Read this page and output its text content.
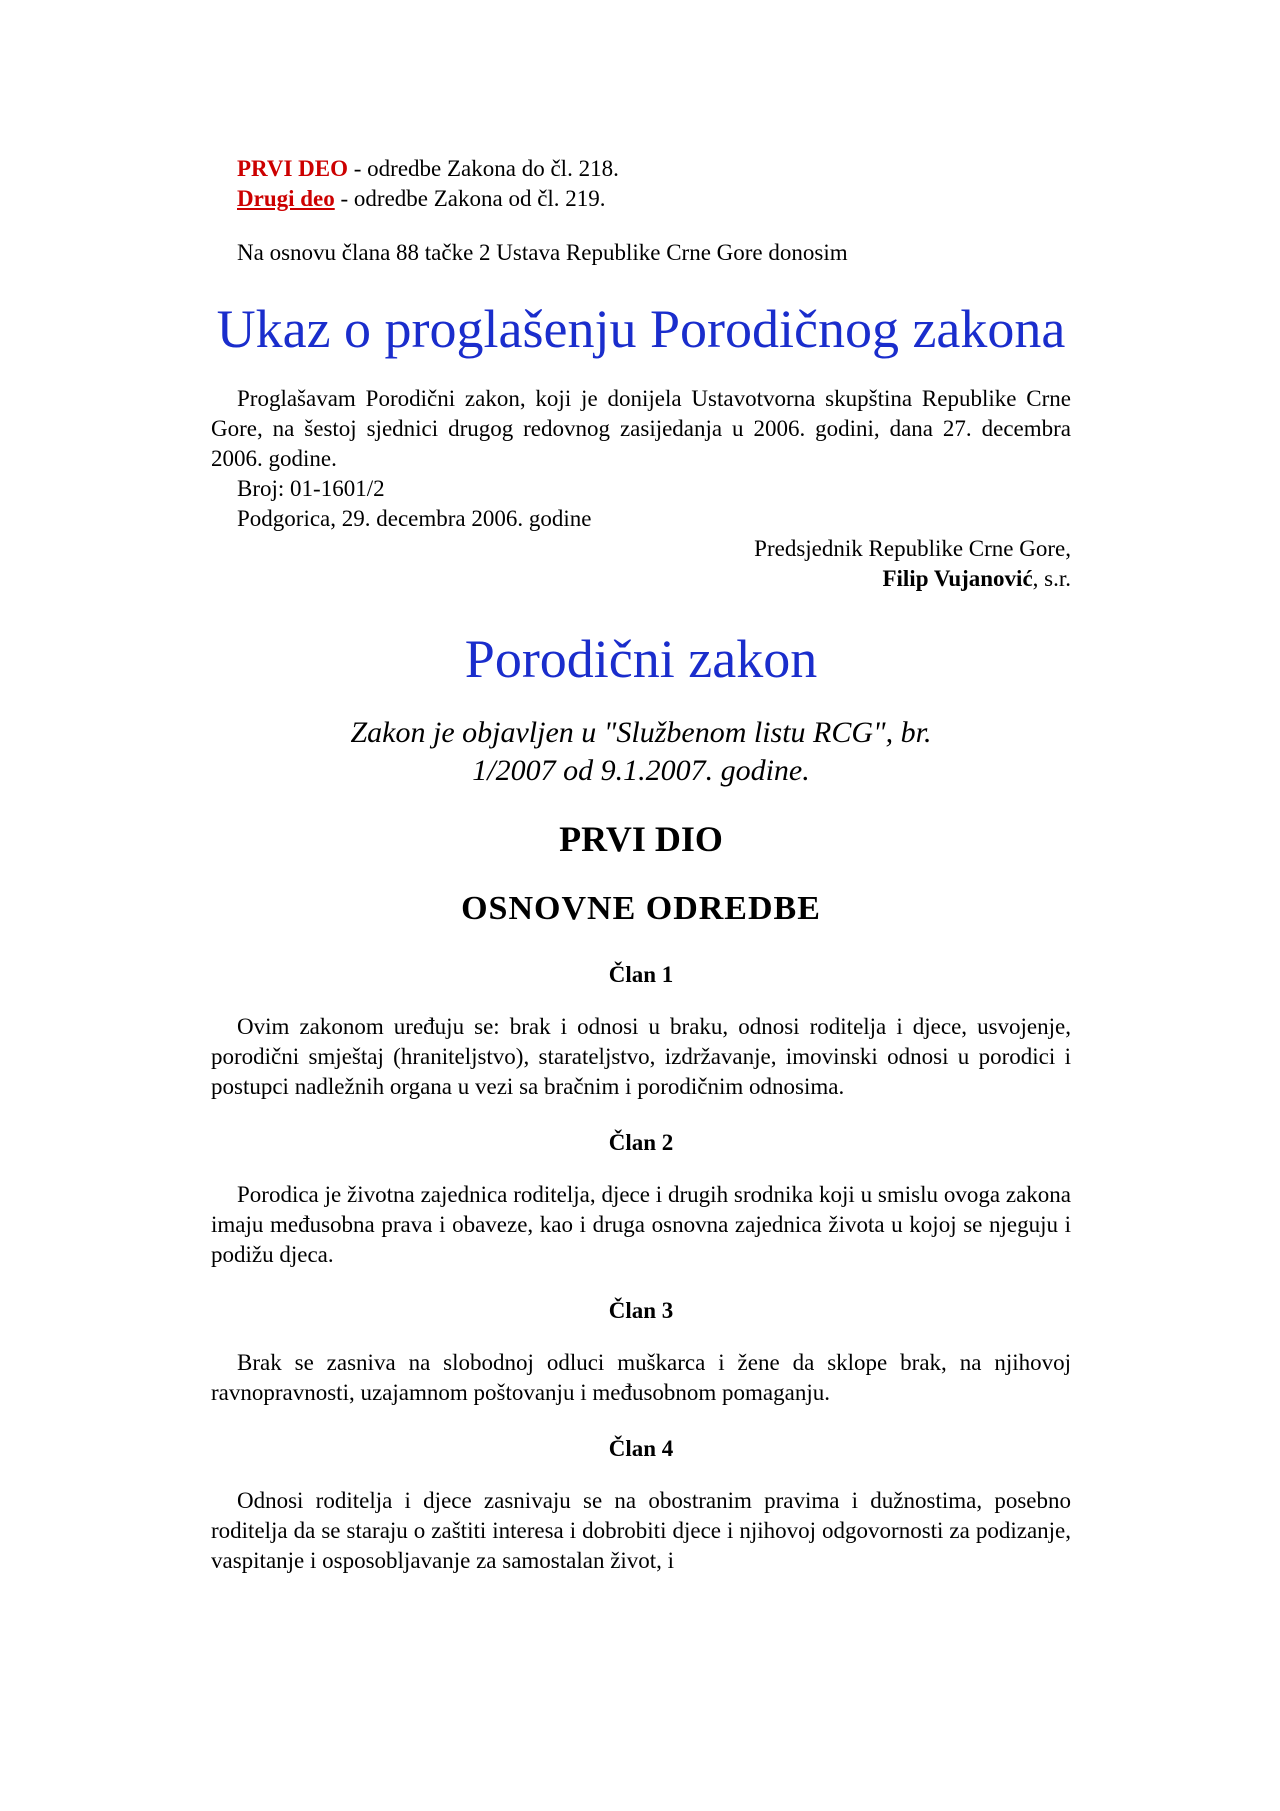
PRVI DEO - odredbe Zakona do čl. 218.

Drugi deo - odredbe Zakona od čl. 219.

Na osnovu člana 88 tačke 2 Ustava Republike Crne Gore donosim

Ukaz o proglašenju Porodičnog zakona

Proglašavam Porodični zakon, koji je donijela Ustavotvorna skupština Republike Crne Gore, na šestoj sjednici drugog redovnog zasijedanja u 2006. godini, dana 27. decembra 2006. godine.

Broj: 01-1601/2

Podgorica, 29. decembra 2006. godine

Predsjednik Republike Crne Gore,

Filip Vujanović, s.r.

Porodični zakon

Zakon je objavljen u "Službenom listu RCG", br.

1/2007 od 9.1.2007. godine.

PRVI DIO
OSNOVNE ODREDBE
Član 1

Ovim zakonom uređuju se: brak i odnosi u braku, odnosi roditelja i djece, usvojenje, porodični smještaj (hraniteljstvo), starateljstvo, izdržavanje, imovinski odnosi u porodici i postupci nadležnih organa u vezi sa bračnim i porodičnim odnosima.

Član 2

Porodica je životna zajednica roditelja, djece i drugih srodnika koji u smislu ovoga zakona imaju međusobna prava i obaveze, kao i druga osnovna zajednica života u kojoj se njeguju i podižu djeca.

Član 3

Brak se zasniva na slobodnoj odluci muškarca i žene da sklope brak, na njihovoj ravnopravnosti, uzajamnom poštovanju i međusobnom pomaganju.

Član 4

Odnosi roditelja i djece zasnivaju se na obostranim pravima i dužnostima, posebno roditelja da se staraju o zaštiti interesa i dobrobiti djece i njihovoj odgovornosti za podizanje, vaspitanje i osposobljavanje za samostalan život, i
